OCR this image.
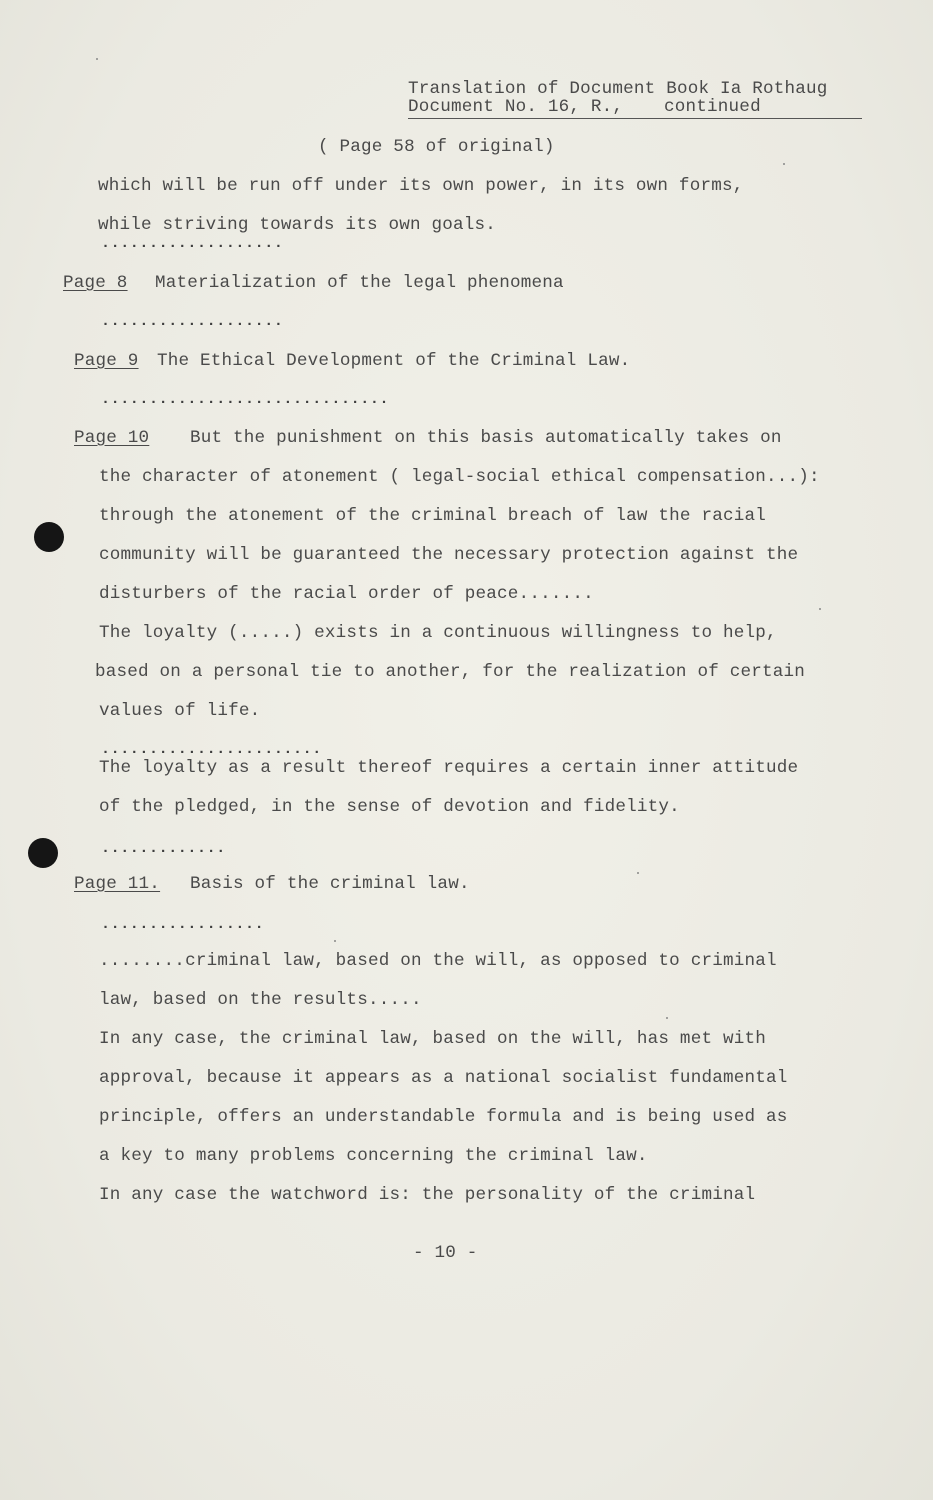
Translation of Document Book Ia Rothaug
Document No. 16, R., continued
( Page 58 of original)
which will be run off under its own power, in its own forms,
while striving towards its own goals.
...................
Page 8 Materialization of the legal phenomena
...................
Page 9 The Ethical Development of the Criminal Law.
..............................
Page 10 But the punishment on this basis automatically takes on
the character of atonement ( legal-social ethical compensation...):
through the atonement of the criminal breach of law the racial
community will be guaranteed the necessary protection against the
disturbers of the racial order of peace.......
The loyalty (.....) exists in a continuous willingness to help,
based on a personal tie to another, for the realization of certain
values of life.
.......................
The loyalty as a result thereof requires a certain inner attitude
of the pledged, in the sense of devotion and fidelity.
.............
Page 11. Basis of the criminal law.
.................
........criminal law, based on the will, as opposed to criminal
law, based on the results.....
In any case, the criminal law, based on the will, has met with
approval, because it appears as a national socialist fundamental
principle, offers an understandable formula and is being used as
a key to many problems concerning the criminal law.
In any case the watchword is: the personality of the criminal
- 10 -
